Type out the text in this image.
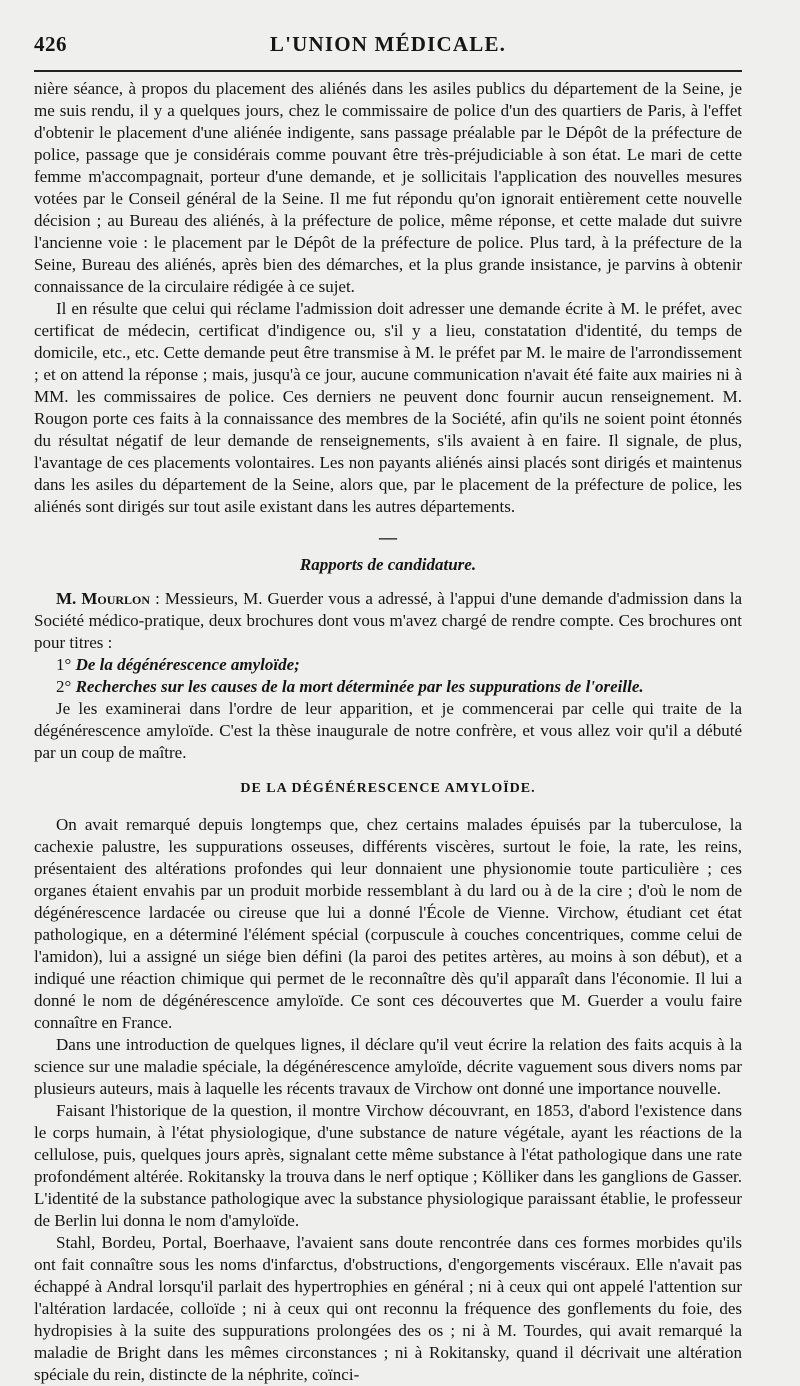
426	L'UNION MÉDICALE.

nière séance, à propos du placement des aliénés dans les asiles publics du département de la Seine, je me suis rendu, il y a quelques jours, chez le commissaire de police d'un des quartiers de Paris, à l'effet d'obtenir le placement d'une aliénée indigente, sans passage préalable par le Dépôt de la préfecture de police, passage que je considérais comme pouvant être très-préjudiciable à son état. Le mari de cette femme m'accompagnait, porteur d'une demande, et je sollicitais l'application des nouvelles mesures votées par le Conseil général de la Seine. Il me fut répondu qu'on ignorait entièrement cette nouvelle décision ; au Bureau des aliénés, à la préfecture de police, même réponse, et cette malade dut suivre l'ancienne voie : le placement par le Dépôt de la préfecture de police. Plus tard, à la préfecture de la Seine, Bureau des aliénés, après bien des démarches, et la plus grande insistance, je parvins à obtenir connaissance de la circulaire rédigée à ce sujet.

Il en résulte que celui qui réclame l'admission doit adresser une demande écrite à M. le préfet, avec certificat de médecin, certificat d'indigence ou, s'il y a lieu, constatation d'identité, du temps de domicile, etc., etc. Cette demande peut être transmise à M. le préfet par M. le maire de l'arrondissement ; et on attend la réponse ; mais, jusqu'à ce jour, aucune communication n'avait été faite aux mairies ni à MM. les commissaires de police. Ces derniers ne peuvent donc fournir aucun renseignement. M. Rougon porte ces faits à la connaissance des membres de la Société, afin qu'ils ne soient point étonnés du résultat négatif de leur demande de renseignements, s'ils avaient à en faire. Il signale, de plus, l'avantage de ces placements volontaires. Les non payants aliénés ainsi placés sont dirigés et maintenus dans les asiles du département de la Seine, alors que, par le placement de la préfecture de police, les aliénés sont dirigés sur tout asile existant dans les autres départements.

—
Rapports de candidature.

M. Mourlon : Messieurs, M. Guerder vous a adressé, à l'appui d'une demande d'admission dans la Société médico-pratique, deux brochures dont vous m'avez chargé de rendre compte. Ces brochures ont pour titres :

1° De la dégénérescence amyloïde;
2° Recherches sur les causes de la mort déterminée par les suppurations de l'oreille.

Je les examinerai dans l'ordre de leur apparition, et je commencerai par celle qui traite de la dégénérescence amyloïde. C'est la thèse inaugurale de notre confrère, et vous allez voir qu'il a débuté par un coup de maître.

DE LA DÉGÉNÉRESCENCE AMYLOÏDE.

On avait remarqué depuis longtemps que, chez certains malades épuisés par la tuberculose, la cachexie palustre, les suppurations osseuses, différents viscères, surtout le foie, la rate, les reins, présentaient des altérations profondes qui leur donnaient une physionomie toute particulière ; ces organes étaient envahis par un produit morbide ressemblant à du lard ou à de la cire ; d'où le nom de dégénérescence lardacée ou cireuse que lui a donné l'École de Vienne. Virchow, étudiant cet état pathologique, en a déterminé l'élément spécial (corpuscule à couches concentriques, comme celui de l'amidon), lui a assigné un siége bien défini (la paroi des petites artères, au moins à son début), et a indiqué une réaction chimique qui permet de le reconnaître dès qu'il apparaît dans l'économie. Il lui a donné le nom de dégénérescence amyloïde. Ce sont ces découvertes que M. Guerder a voulu faire connaître en France.

Dans une introduction de quelques lignes, il déclare qu'il veut écrire la relation des faits acquis à la science sur une maladie spéciale, la dégénérescence amyloïde, décrite vaguement sous divers noms par plusieurs auteurs, mais à laquelle les récents travaux de Virchow ont donné une importance nouvelle.

Faisant l'historique de la question, il montre Virchow découvrant, en 1853, d'abord l'existence dans le corps humain, à l'état physiologique, d'une substance de nature végétale, ayant les réactions de la cellulose, puis, quelques jours après, signalant cette même substance à l'état pathologique dans une rate profondément altérée. Rokitansky la trouva dans le nerf optique ; Kölliker dans les ganglions de Gasser. L'identité de la substance pathologique avec la substance physiologique paraissant établie, le professeur de Berlin lui donna le nom d'amyloïde.

Stahl, Bordeu, Portal, Boerhaave, l'avaient sans doute rencontrée dans ces formes morbides qu'ils ont fait connaître sous les noms d'infarctus, d'obstructions, d'engorgements viscéraux. Elle n'avait pas échappé à Andral lorsqu'il parlait des hypertrophies en général ; ni à ceux qui ont appelé l'attention sur l'altération lardacée, colloïde ; ni à ceux qui ont reconnu la fréquence des gonflements du foie, des hydropisies à la suite des suppurations prolongées des os ; ni à M. Tourdes, qui avait remarqué la maladie de Bright dans les mêmes circonstances ; ni à Rokitansky, quand il décrivait une altération spéciale du rein, distincte de la néphrite, coïnci-
